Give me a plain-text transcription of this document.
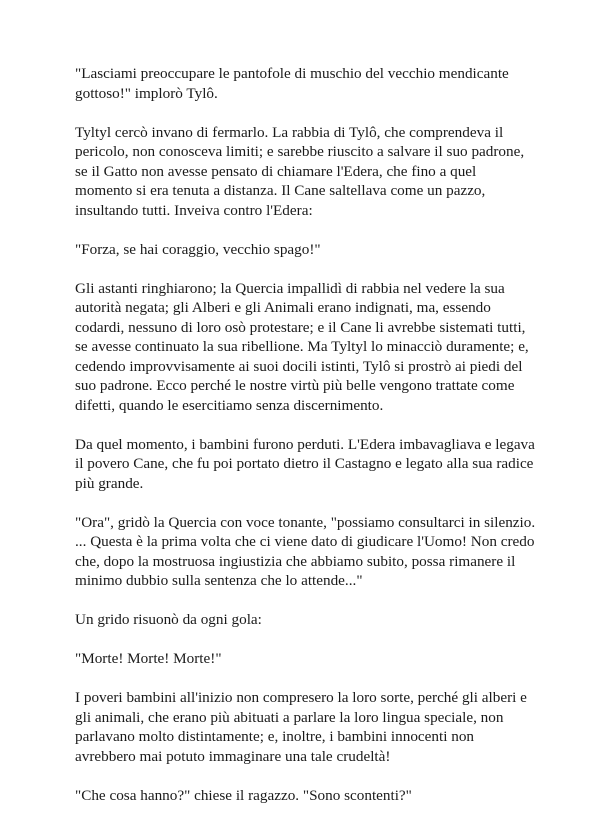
"Lasciami preoccupare le pantofole di muschio del vecchio mendicante gottoso!" implorò Tylô.

Tyltyl cercò invano di fermarlo. La rabbia di Tylô, che comprendeva il pericolo, non conosceva limiti; e sarebbe riuscito a salvare il suo padrone, se il Gatto non avesse pensato di chiamare l'Edera, che fino a quel momento si era tenuta a distanza. Il Cane saltellava come un pazzo, insultando tutti. Inveiva contro l'Edera:

"Forza, se hai coraggio, vecchio spago!"

Gli astanti ringhiarono; la Quercia impallidì di rabbia nel vedere la sua autorità negata; gli Alberi e gli Animali erano indignati, ma, essendo codardi, nessuno di loro osò protestare; e il Cane li avrebbe sistemati tutti, se avesse continuato la sua ribellione. Ma Tyltyl lo minacciò duramente; e, cedendo improvvisamente ai suoi docili istinti, Tylô si prostrò ai piedi del suo padrone. Ecco perché le nostre virtù più belle vengono trattate come difetti, quando le esercitiamo senza discernimento.

Da quel momento, i bambini furono perduti. L'Edera imbavagliava e legava il povero Cane, che fu poi portato dietro il Castagno e legato alla sua radice più grande.

"Ora", gridò la Quercia con voce tonante, "possiamo consultarci in silenzio. ... Questa è la prima volta che ci viene dato di giudicare l'Uomo! Non credo che, dopo la mostruosa ingiustizia che abbiamo subito, possa rimanere il minimo dubbio sulla sentenza che lo attende..."

Un grido risuonò da ogni gola:

"Morte! Morte! Morte!"

I poveri bambini all'inizio non compresero la loro sorte, perché gli alberi e gli animali, che erano più abituati a parlare la loro lingua speciale, non parlavano molto distintamente; e, inoltre, i bambini innocenti non avrebbero mai potuto immaginare una tale crudeltà!

"Che cosa hanno?" chiese il ragazzo. "Sono scontenti?"
